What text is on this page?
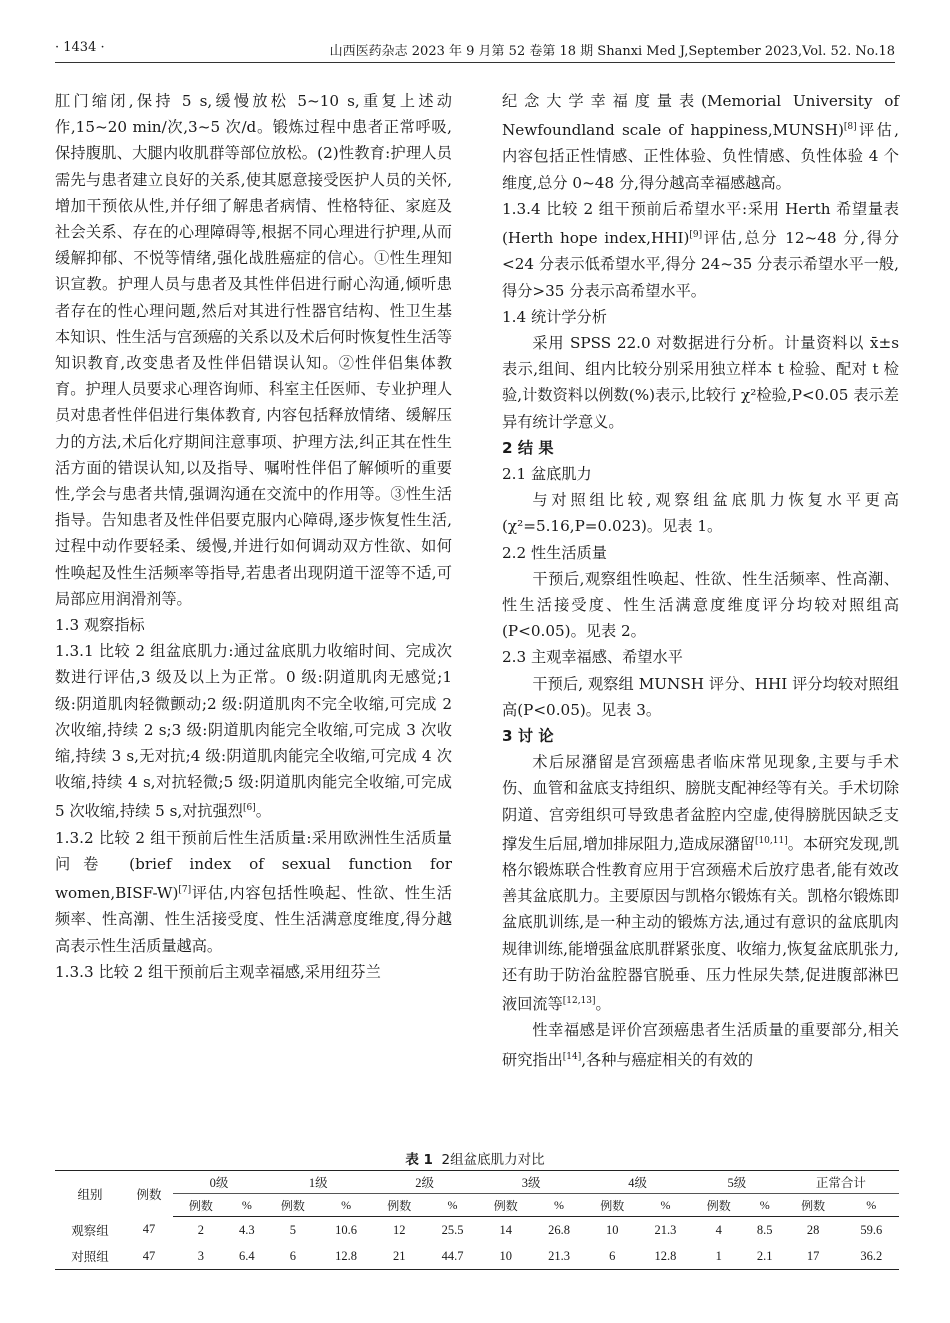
· 1434 ·	山西医药杂志 2023 年 9 月第 52 卷第 18 期 Shanxi Med J,September 2023,Vol. 52. No.18

肛门缩闭,保持 5 s,缓慢放松 5~10 s,重复上述动作,15~20 min/次,3~5 次/d。锻炼过程中患者正常呼吸,保持腹肌、大腿内收肌群等部位放松。(2)性教育:护理人员需先与患者建立良好的关系,使其愿意接受医护人员的关怀,增加干预依从性,并仔细了解患者病情、性格特征、家庭及社会关系、存在的心理障碍等,根据不同心理进行护理,从而缓解抑郁、不悦等情绪,强化战胜癌症的信心。①性生理知识宣教。护理人员与患者及其性伴侣进行耐心沟通,倾听患者存在的性心理问题,然后对其进行性器官结构、性卫生基本知识、性生活与宫颈癌的关系以及术后何时恢复性生活等知识教育,改变患者及性伴侣错误认知。②性伴侣集体教育。护理人员要求心理咨询师、科室主任医师、专业护理人员对患者性伴侣进行集体教育, 内容包括释放情绪、缓解压力的方法,术后化疗期间注意事项、护理方法,纠正其在性生活方面的错误认知,以及指导、嘱咐性伴侣了解倾听的重要性,学会与患者共情,强调沟通在交流中的作用等。③性生活指导。告知患者及性伴侣要克服内心障碍,逐步恢复性生活,过程中动作要轻柔、缓慢,并进行如何调动双方性欲、如何性唤起及性生活频率等指导,若患者出现阴道干涩等不适,可局部应用润滑剂等。

1.3 观察指标

1.3.1 比较 2 组盆底肌力:通过盆底肌力收缩时间、完成次数进行评估,3 级及以上为正常。0 级:阴道肌肉无感觉;1 级:阴道肌肉轻微颤动;2 级:阴道肌肉不完全收缩,可完成 2 次收缩,持续 2 s;3 级:阴道肌肉能完全收缩,可完成 3 次收缩,持续 3 s,无对抗;4 级:阴道肌肉能完全收缩,可完成 4 次收缩,持续 4 s,对抗轻微;5 级:阴道肌肉能完全收缩,可完成 5 次收缩,持续 5 s,对抗强烈[6]。

1.3.2 比较 2 组干预前后性生活质量:采用欧洲性生活质量问卷 (brief index of sexual function for women,BISF-W)[7]评估,内容包括性唤起、性欲、性生活频率、性高潮、性生活接受度、性生活满意度维度,得分越高表示性生活质量越高。

1.3.3 比较 2 组干预前后主观幸福感,采用纽芬兰

纪念大学幸福度量表(Memorial University of Newfoundland scale of happiness,MUNSH)[8]评估,内容包括正性情感、正性体验、负性情感、负性体验 4 个维度,总分 0~48 分,得分越高幸福感越高。

1.3.4 比较 2 组干预前后希望水平:采用 Herth 希望量表(Herth hope index,HHI)[9]评估,总分 12~48 分,得分<24 分表示低希望水平,得分 24~35 分表示希望水平一般,得分>35 分表示高希望水平。

1.4 统计学分析

采用 SPSS 22.0 对数据进行分析。计量资料以 x̄±s 表示,组间、组内比较分别采用独立样本 t 检验、配对 t 检验,计数资料以例数(%)表示,比较行 χ²检验,P<0.05 表示差异有统计学意义。

2 结 果

2.1 盆底肌力

与对照组比较,观察组盆底肌力恢复水平更高(χ²=5.16,P=0.023)。见表 1。

2.2 性生活质量

干预后,观察组性唤起、性欲、性生活频率、性高潮、性生活接受度、性生活满意度维度评分均较对照组高(P<0.05)。见表 2。

2.3 主观幸福感、希望水平

干预后, 观察组 MUNSH 评分、HHI 评分均较对照组高(P<0.05)。见表 3。

3 讨 论

术后尿潴留是宫颈癌患者临床常见现象,主要与手术伤、血管和盆底支持组织、膀胱支配神经等有关。手术切除阴道、宫旁组织可导致患者盆腔内空虚,使得膀胱因缺乏支撑发生后屈,增加排尿阻力,造成尿潴留[10,11]。本研究发现,凯格尔锻炼联合性教育应用于宫颈癌术后放疗患者,能有效改善其盆底肌力。主要原因与凯格尔锻炼有关。凯格尔锻炼即盆底肌训练,是一种主动的锻炼方法,通过有意识的盆底肌肉规律训练,能增强盆底肌群紧张度、收缩力,恢复盆底肌张力,还有助于防治盆腔器官脱垂、压力性尿失禁,促进腹部淋巴液回流等[12,13]。

性幸福感是评价宫颈癌患者生活质量的重要部分,相关研究指出[14],各种与癌症相关的有效的

表 1 2组盆底肌力对比
组别	例数	0级		1级		2级		3级		4级		5级		正常合计	
		例数	%	例数	%	例数	%	例数	%	例数	%	例数	%	例数	%
观察组	47	2	4.3	5	10.6	12	25.5	14	26.8	10	21.3	4	8.5	28	59.6
对照组	47	3	6.4	6	12.8	21	44.7	10	21.3	6	12.8	1	2.1	17	36.2
